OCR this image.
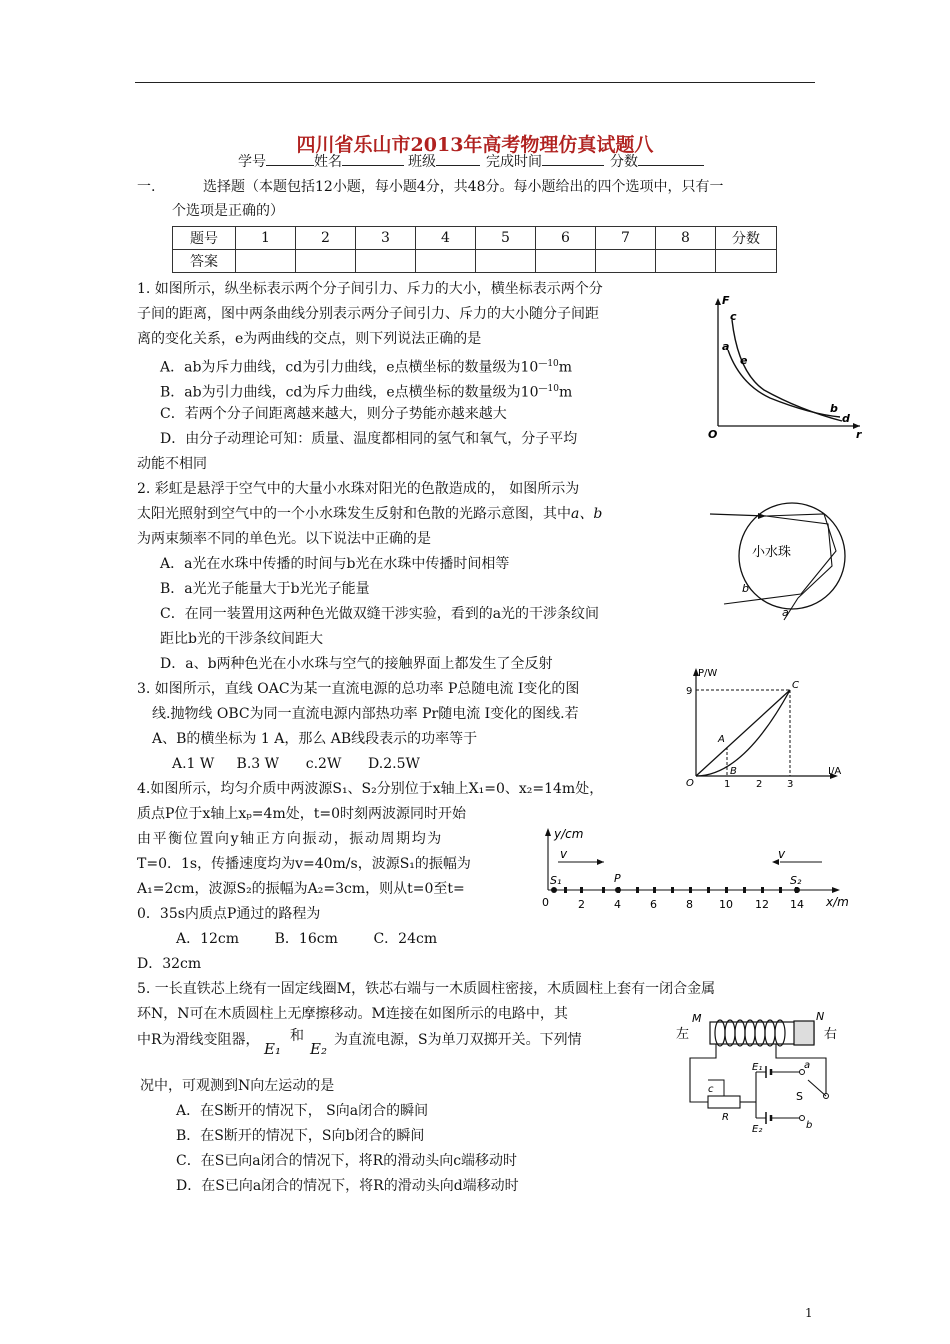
四川省乐山市2013年高考物理仿真试题八
学号	姓名	班级	完成时间	分数
一.	选择题（本题包括12小题，每小题4分，共48分。每小题给出的四个选项中，只有一
个选项是正确的）
题号	1	2	3	4	5	6	7	8	分数
答案									
1. 如图所示，纵坐标表示两个分子间引力、斥力的大小，横坐标表示两个分
子间的距离，图中两条曲线分别表示两分子间引力、斥力的大小随分子间距
离的变化关系，e为两曲线的交点，则下列说法正确的是
A．ab为斥力曲线，cd为引力曲线，e点横坐标的数量级为$10^{—10}m$
B．ab为引力曲线，cd为斥力曲线，e点横坐标的数量级为$10^{—10}m$
C．若两个分子间距离越来越大，则分子势能亦越来越大
D．由分子动理论可知：质量、温度都相同的氢气和氧气，分子平均
动能不相同
F
r
O
c
a
e
b
d
2. 彩虹是悬浮于空气中的大量小水珠对阳光的色散造成的， 如图所示为
太阳光照射到空气中的一个小水珠发生反射和色散的光路示意图，其中a、b
为两束频率不同的单色光。以下说法中正确的是
A．a光在水珠中传播的时间与b光在水珠中传播时间相等
B．a光光子能量大于b光光子能量
C．在同一装置用这两种色光做双缝干涉实验，看到的a光的干涉条纹间
距比b光的干涉条纹间距大
D．a、b两种色光在小水珠与空气的接触界面上都发生了全反射
小水珠
b
a
3. 如图所示，直线 OAC为某一直流电源的总功率 P总随电流 I变化的图
线.抛物线 OBC为同一直流电源内部热功率 Pr随电流 I变化的图线.若
A、B的横坐标为 1 A，那么 AB线段表示的功率等于
A.1 W     B.3 W      c.2W      D.2.5W
P/W
I/A
9
O	1	2 3
A
B
C
4.如图所示，均匀介质中两波源S₁、S₂分别位于x轴上X₁=0、x₂=14m处，
质点P位于x轴上xₚ=4m处，t=0时刻两波源同时开始
由平衡位置向y轴正方向振动，振动周期均为
T=0．1s，传播速度均为v=40m/s，波源S₁的振幅为
A₁=2cm，波源S₂的振幅为A₂=3cm，则从t=0至t=
0．35s内质点P通过的路程为
A．12cm        B．16cm        C．24cm
D．32cm
y/cm
x/m
v	v
S₁	P	S₂
0	2	4	6	8 10 12 14
5. 一长直铁芯上绕有一固定线圈M，铁芯右端与一木质圆柱密接，木质圆柱上套有一闭合金属
环N，N可在木质圆柱上无摩擦移动。M连接在如图所示的电路中，其
中R为滑线变阻器， E₁和E₂ 为直流电源，S为单刀双掷开关。下列情
况中，可观测到N向左运动的是
A．在S断开的情况下， S向a闭合的瞬间
B．在S断开的情况下，S向b闭合的瞬间
C．在S已向a闭合的情况下，将R的滑动头向c端移动时
D．在S已向a闭合的情况下，将R的滑动头向d端移动时
左	右
M	N
E₁
E₂
R
c
S
a
b
1
